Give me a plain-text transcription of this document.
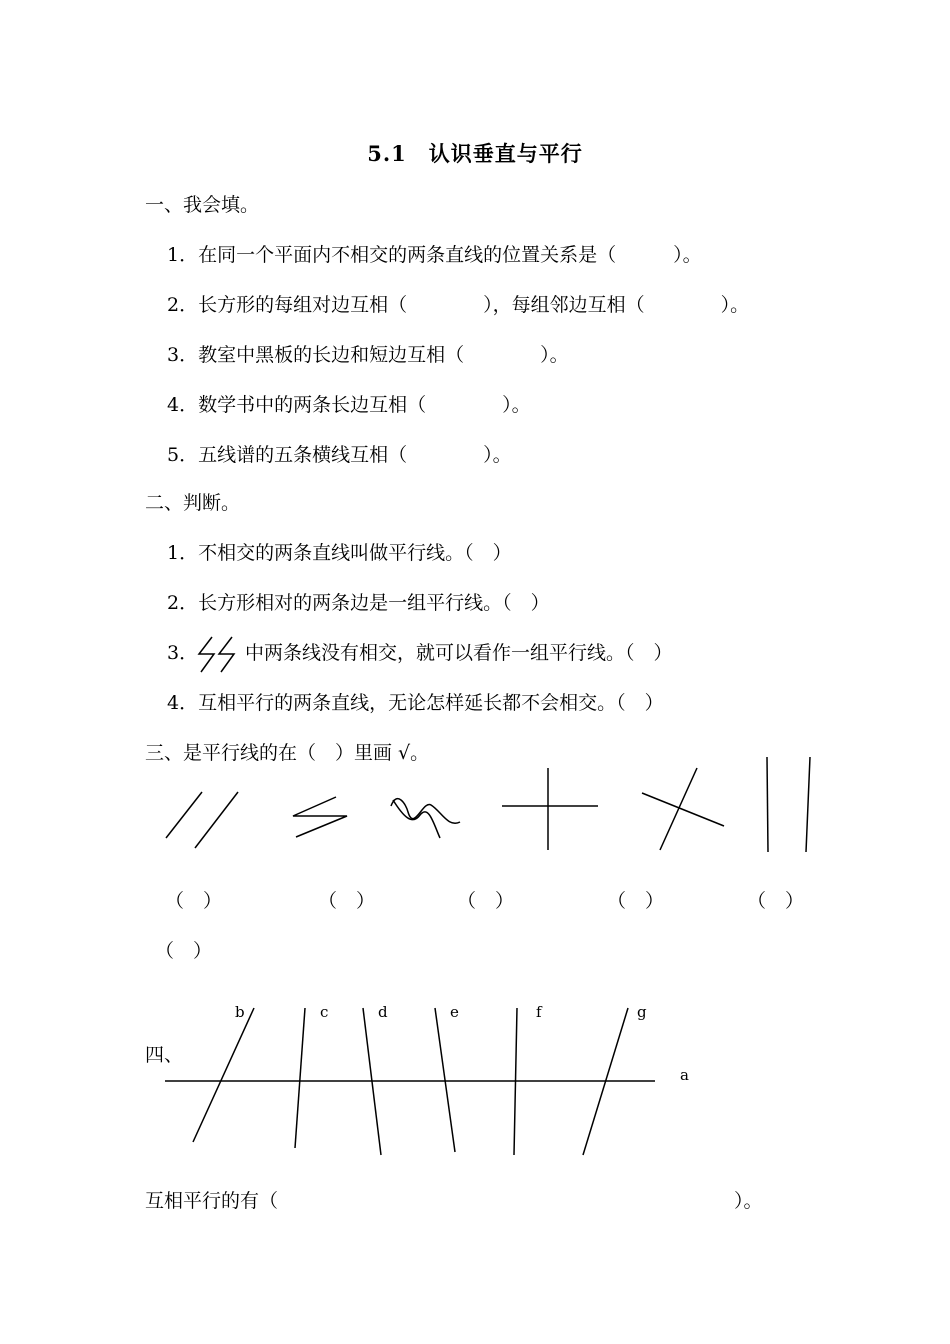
5.1　认识垂直与平行
一、我会填。
1．在同一个平面内不相交的两条直线的位置关系是（　　　）。
2．长方形的每组对边互相（　　　　），每组邻边互相（　　　　）。
3．教室中黑板的长边和短边互相（　　　　）。
4．数学书中的两条长边互相（　　　　）。
5．五线谱的五条横线互相（　　　　）。
二、判断。
1．不相交的两条直线叫做平行线。（　）
2．长方形相对的两条边是一组平行线。（　）
3． 中两条线没有相交，就可以看作一组平行线。（　）
4．互相平行的两条直线，无论怎样延长都不会相交。（　）
三、是平行线的在（　）里画 √。
（　）	（　）	（　）	（　）	（　）
（　）
四、
a
b	c	d	e	f	g
互相平行的有（　　　　　　　　　　　　　　　　　　　　　　　　）。
